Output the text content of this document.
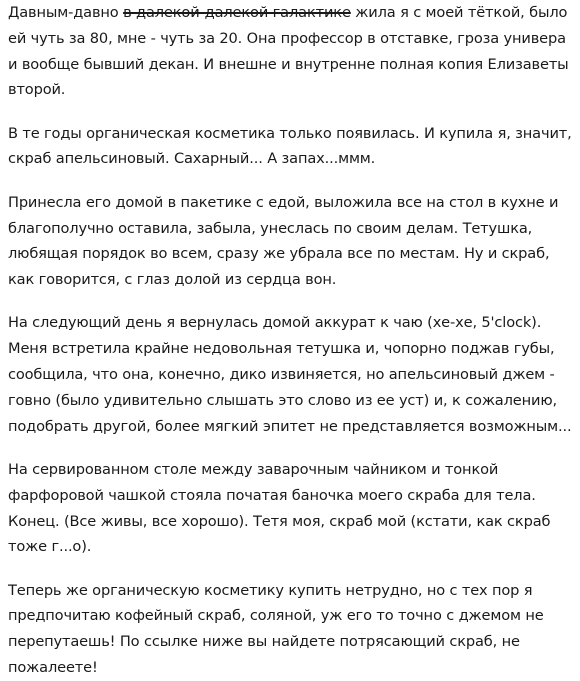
Давным-давно в далекой-далекой галактике жила я с моей тёткой, было ей чуть за 80, мне - чуть за 20. Она профессор в отставке, гроза универа и вообще бывший декан. И внешне и внутренне полная копия Елизаветы второй.

В те годы органическая косметика только появилась. И купила я, значит, скраб апельсиновый. Сахарный... А запах...ммм.

Принесла его домой в пакетике с едой, выложила все на стол в кухне и благополучно оставила, забыла, унеслась по своим делам. Тетушка, любящая порядок во всем, сразу же убрала все по местам. Ну и скраб, как говорится, с глаз долой из сердца вон.

На следующий день я вернулась домой аккурат к чаю (хе-хе, 5'clock). Меня встретила крайне недовольная тетушка и, чопорно поджав губы, сообщила, что она, конечно, дико извиняется, но апельсиновый джем - говно (было удивительно слышать это слово из ее уст) и, к сожалению, подобрать другой, более мягкий эпитет не представляется возможным...

На сервированном столе между заварочным чайником и тонкой фарфоровой чашкой стояла початая баночка моего скраба для тела. Конец. (Все живы, все хорошо). Тетя моя, скраб мой (кстати, как скраб тоже г...о).

Теперь же органическую косметику купить нетрудно, но с тех пор я предпочитаю кофейный скраб, соляной, уж его то точно с джемом не перепутаешь! По ссылке ниже вы найдете потрясающий скраб, не пожалеете!
